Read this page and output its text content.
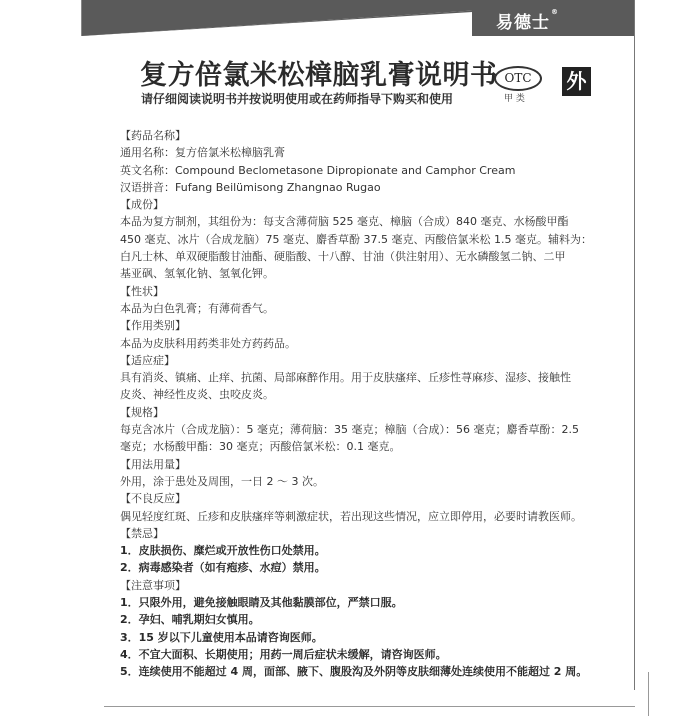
易德士®
复方倍氯米松樟脑乳膏说明书
请仔细阅读说明书并按说明使用或在药师指导下购买和使用
OTC
甲 类
外

【药品名称】

通用名称：复方倍氯米松樟脑乳膏

英文名称：Compound Beclometasone Dipropionate and Camphor Cream

汉语拼音：Fufang Beilümisong Zhangnao Rugao

【成份】

本品为复方制剂，其组份为：每支含薄荷脑 525 毫克、樟脑（合成）840 毫克、水杨酸甲酯

450 毫克、冰片（合成龙脑）75 毫克、麝香草酚 37.5 毫克、丙酸倍氯米松 1.5 毫克。辅料为：

白凡士林、单双硬脂酸甘油酯、硬脂酸、十八醇、甘油（供注射用）、无水磷酸氢二钠、二甲

基亚砜、氢氧化钠、氢氧化钾。

【性状】

本品为白色乳膏；有薄荷香气。

【作用类别】

本品为皮肤科用药类非处方药药品。

【适应症】

具有消炎、镇痛、止痒、抗菌、局部麻醉作用。用于皮肤瘙痒、丘疹性荨麻疹、湿疹、接触性

皮炎、神经性皮炎、虫咬皮炎。

【规格】

每克含冰片（合成龙脑）：5 毫克；薄荷脑：35 毫克；樟脑（合成）：56 毫克；麝香草酚：2.5

毫克；水杨酸甲酯：30 毫克；丙酸倍氯米松：0.1 毫克。

【用法用量】

外用，涂于患处及周围，一日 2 ～ 3 次。

【不良反应】

偶见轻度红斑、丘疹和皮肤瘙痒等刺激症状，若出现这些情况，应立即停用，必要时请教医师。

【禁忌】

1．皮肤损伤、糜烂或开放性伤口处禁用。

2．病毒感染者（如有疱疹、水痘）禁用。

【注意事项】

1．只限外用，避免接触眼睛及其他黏膜部位，严禁口服。

2．孕妇、哺乳期妇女慎用。

3．15 岁以下儿童使用本品请咨询医师。

4．不宜大面积、长期使用；用药一周后症状未缓解，请咨询医师。

5．连续使用不能超过 4 周，面部、腋下、腹股沟及外阴等皮肤细薄处连续使用不能超过 2 周。
